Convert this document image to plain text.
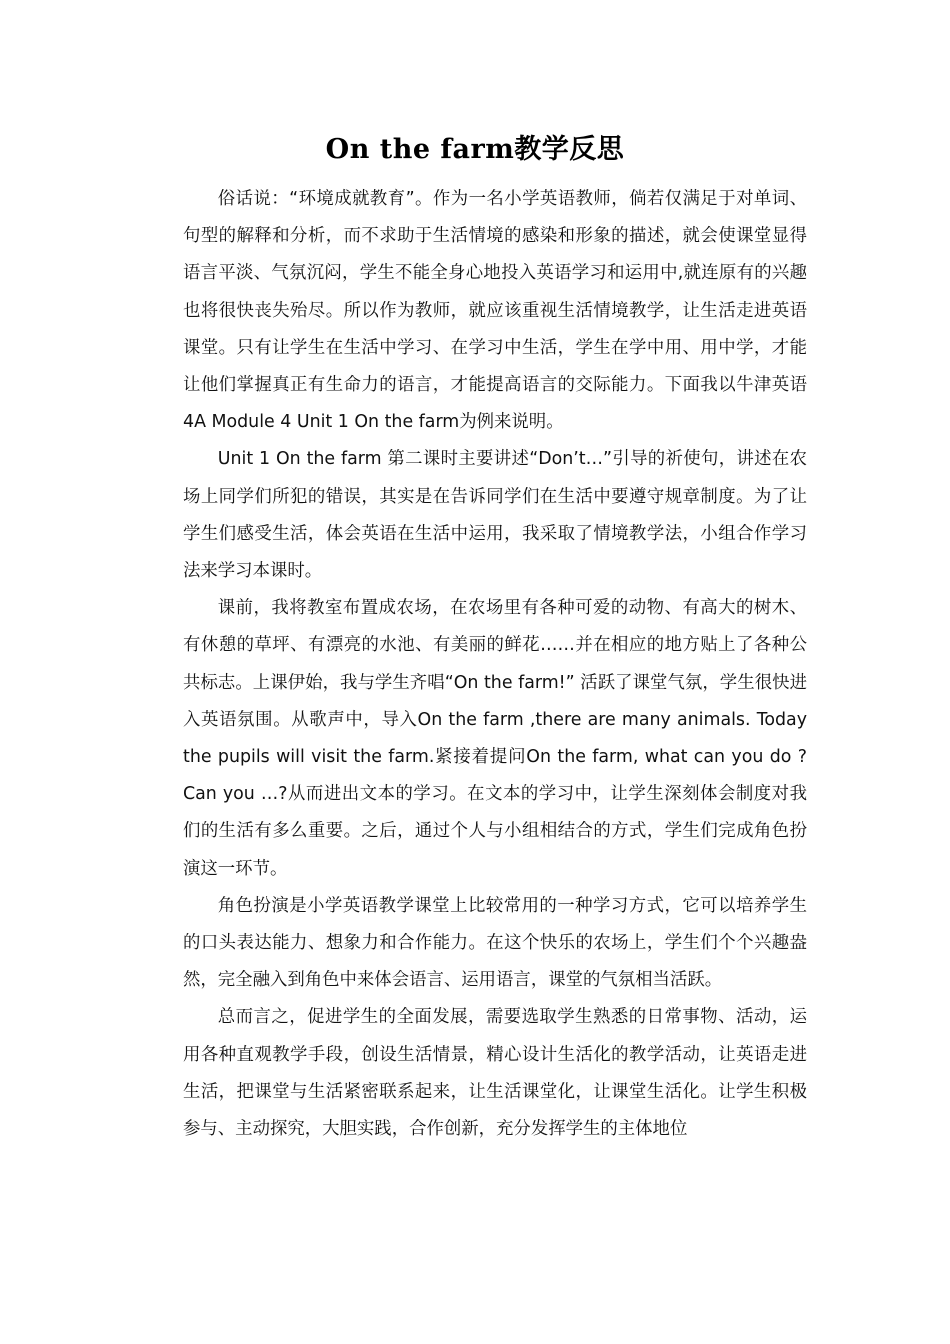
On the farm教学反思

俗话说：“环境成就教育”。作为一名小学英语教师，倘若仅满足于对单词、句型的解释和分析，而不求助于生活情境的感染和形象的描述，就会使课堂显得语言平淡、气氛沉闷，学生不能全身心地投入英语学习和运用中,就连原有的兴趣也将很快丧失殆尽。所以作为教师，就应该重视生活情境教学，让生活走进英语课堂。只有让学生在生活中学习、在学习中生活，学生在学中用、用中学，才能让他们掌握真正有生命力的语言，才能提高语言的交际能力。下面我以牛津英语4A Module 4 Unit 1 On the farm为例来说明。

Unit 1 On the farm 第二课时主要讲述“Don’t…”引导的祈使句，讲述在农场上同学们所犯的错误，其实是在告诉同学们在生活中要遵守规章制度。为了让学生们感受生活，体会英语在生活中运用，我采取了情境教学法，小组合作学习法来学习本课时。

课前，我将教室布置成农场，在农场里有各种可爱的动物、有高大的树木、有休憩的草坪、有漂亮的水池、有美丽的鲜花……并在相应的地方贴上了各种公共标志。上课伊始，我与学生齐唱“On the farm!” 活跃了课堂气氛，学生很快进入英语氛围。从歌声中，导入On the farm ,there are many animals. Today the pupils will visit the farm.紧接着提问On the farm, what can you do ?Can you …?从而进出文本的学习。在文本的学习中，让学生深刻体会制度对我们的生活有多么重要。之后，通过个人与小组相结合的方式，学生们完成角色扮演这一环节。

角色扮演是小学英语教学课堂上比较常用的一种学习方式，它可以培养学生的口头表达能力、想象力和合作能力。在这个快乐的农场上，学生们个个兴趣盎然，完全融入到角色中来体会语言、运用语言，课堂的气氛相当活跃。

总而言之，促进学生的全面发展，需要选取学生熟悉的日常事物、活动，运用各种直观教学手段，创设生活情景，精心设计生活化的教学活动，让英语走进生活，把课堂与生活紧密联系起来，让生活课堂化，让课堂生活化。让学生积极参与、主动探究，大胆实践，合作创新，充分发挥学生的主体地位
